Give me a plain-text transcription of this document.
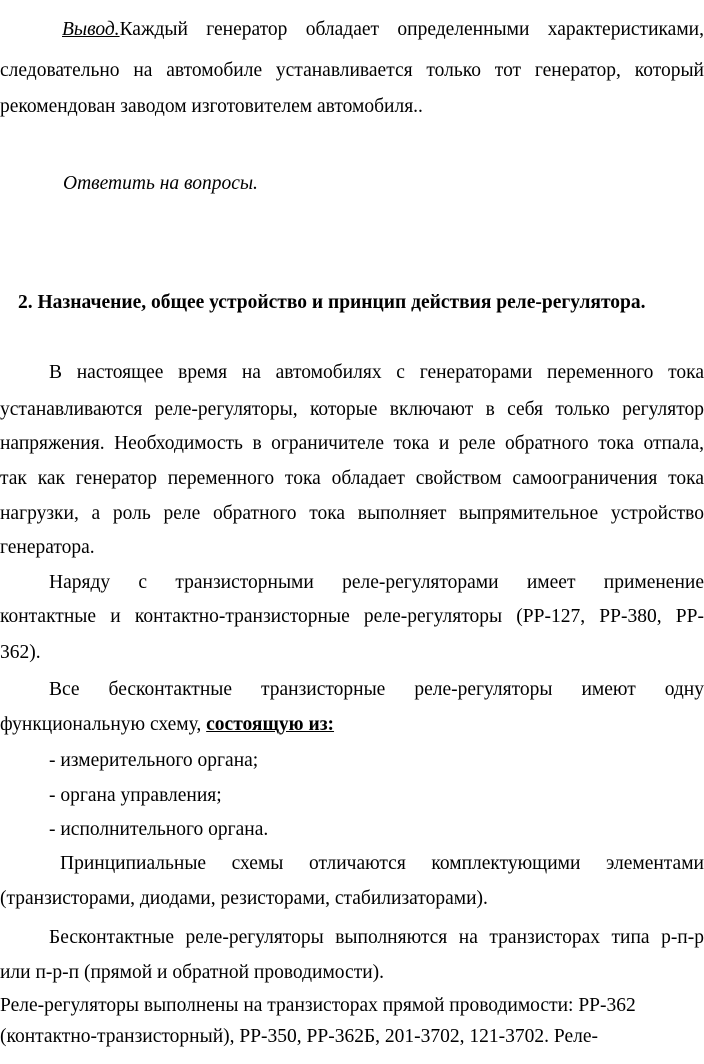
Вывод.Каждый генератор обладает определенными характеристиками,
следовательно на автомобиле устанавливается только тот генератор, который
рекомендован заводом изготовителем автомобиля..
Ответить на вопросы.
2. Назначение, общее устройство и принцип действия реле-регулятора.
В настоящее время на автомобилях с генераторами переменного тока
устанавливаются реле-регуляторы, которые включают в себя только регулятор
напряжения. Необходимость в ограничителе тока и реле обратного тока отпала,
так как генератор переменного тока обладает свойством самоограничения тока
нагрузки, а роль реле обратного тока выполняет выпрямительное устройство
генератора.
Наряду с транзисторными реле-регуляторами имеет применение
контактные и контактно-транзисторные реле-регуляторы (РР-127, РР-380, РР-
362).
Все бесконтактные транзисторные реле-регуляторы имеют одну
функциональную схему, состоящую из:
- измерительного органа;
- органа управления;
- исполнительного органа.
Принципиальные схемы отличаются комплектующими элементами
(транзисторами, диодами, резисторами, стабилизаторами).
Бесконтактные реле-регуляторы выполняются на транзисторах типа р-п-р
или п-р-п (прямой и обратной проводимости).
Реле-регуляторы выполнены на транзисторах прямой проводимости: РР-362
(контактно-транзисторный), РР-350, РР-362Б, 201-3702, 121-3702. Реле-
